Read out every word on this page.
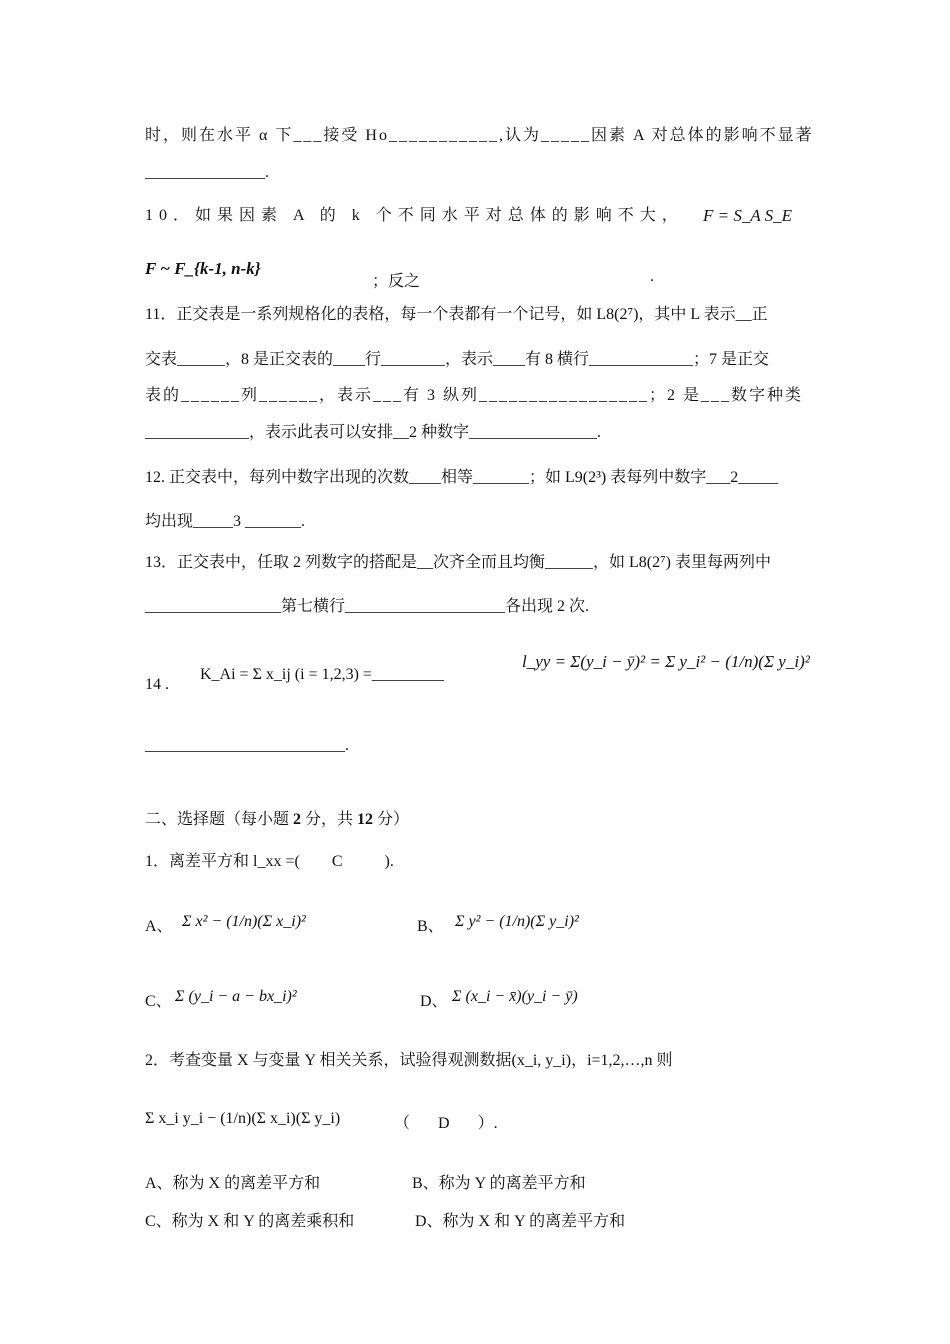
时，则在水平 α 下___接受 Ho___________,认为_____因素 A 对总体的影响不显著
_______________.
10．如果因素 A 的 k 个不同水平对总体的影响不大， F = S_A S_E
F ~ F_{k-1, n-k}
；反之	.
11．正交表是一系列规格化的表格，每一个表都有一个记号，如 L8(2⁷)，其中 L 表示__正
交表______，8 是正交表的____行________，表示____有 8 横行_____________；7 是正交
表的______列______，表示___有 3 纵列_________________；2 是___数字种类
_____________，表示此表可以安排__2 种数字________________.
12. 正交表中，每列中数字出现的次数____相等_______；如 L9(2³) 表每列中数字___2_____
均出现_____3 _______.
13．正交表中，任取 2 列数字的搭配是__次齐全而且均衡______，如 L8(2⁷) 表里每两列中
_________________第七横行____________________各出现 2 次.
14 .
K_Ai = Σ x_ij (i = 1,2,3) =_________
l_yy = Σ(y_i − ȳ)² = Σ y_i² − (1/n)(Σ y_i)²
_________________________.
二、选择题（每小题 2 分，共 12 分）
1．离差平方和 l_xx =( C	).
A、 Σ x² − (1/n)(Σ x_i)²	B、 Σ y² − (1/n)(Σ y_i)²
C、 Σ (y_i − a − bx_i)²	D、 Σ (x_i − x̄)(y_i − ȳ)
2．考查变量 X 与变量 Y 相关关系，试验得观测数据(x_i, y_i)，i=1,2,…,n 则
Σ x_i y_i − (1/n)(Σ x_i)(Σ y_i)	（ D ）.
A、称为 X 的离差平方和	B、称为 Y 的离差平方和
C、称为 X 和 Y 的离差乘积和	D、称为 X 和 Y 的离差平方和
